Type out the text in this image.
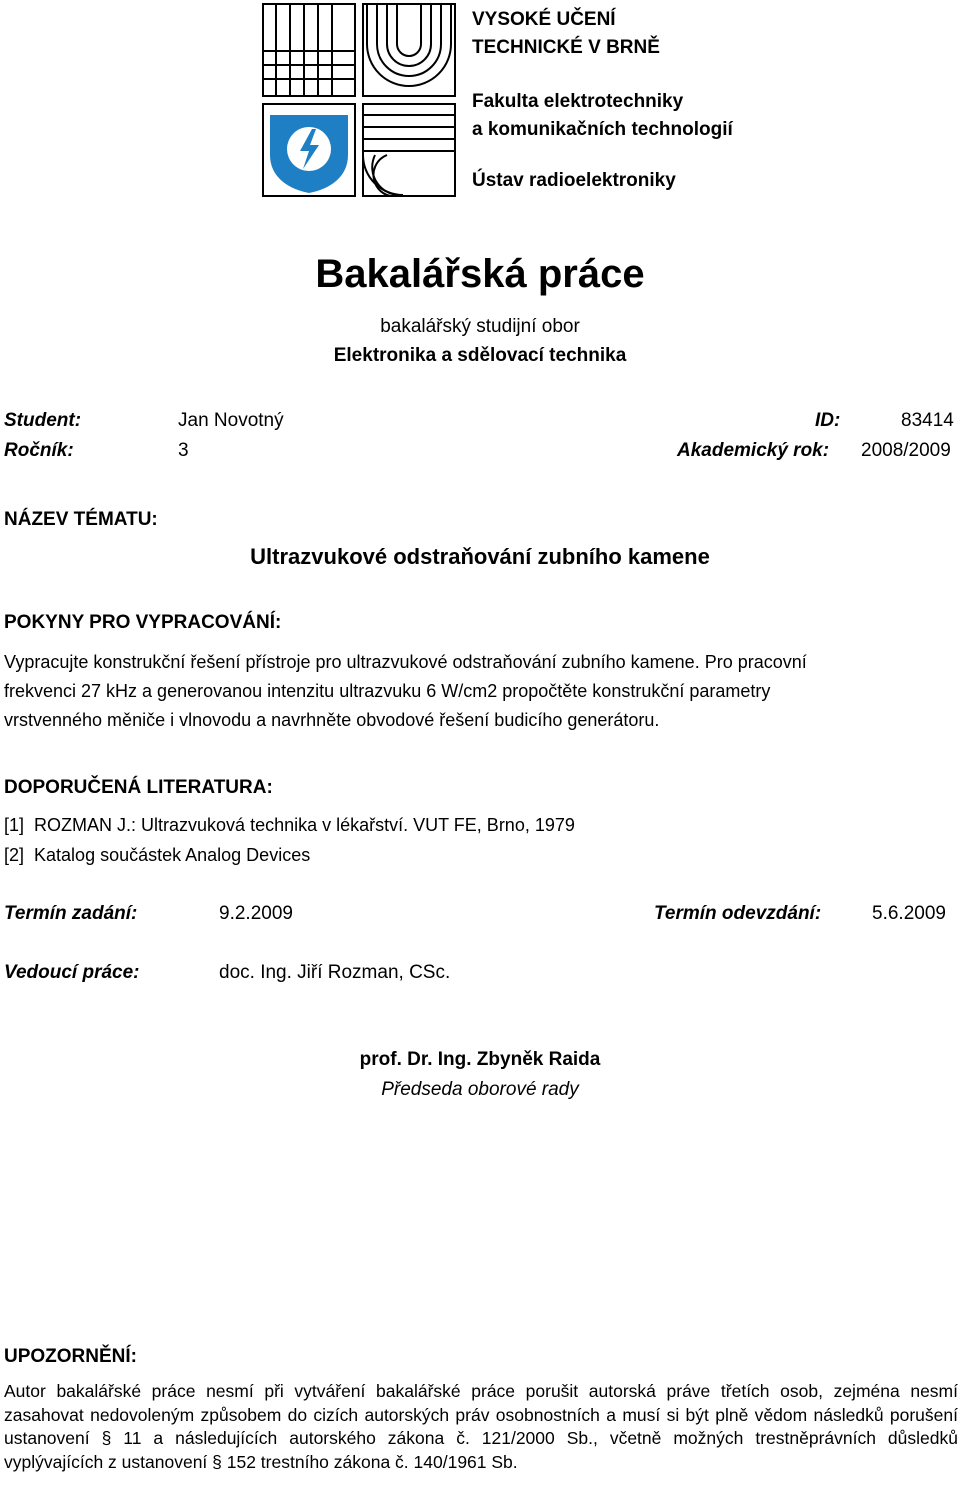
VYSOKÉ UČENÍ
TECHNICKÉ V BRNĚ
Fakulta elektrotechniky
a komunikačních technologií
Ústav radioelektroniky
Bakalářská práce
bakalářský studijní obor
Elektronika a sdělovací technika
Student:	Jan Novotný	ID:	83414
Ročník:	3	Akademický rok: 2008/2009
NÁZEV TÉMATU:
Ultrazvukové odstraňování zubního kamene
POKYNY PRO VYPRACOVÁNÍ:
Vypracujte konstrukční řešení přístroje pro ultrazvukové odstraňování zubního kamene. Pro pracovní
frekvenci 27 kHz a generovanou intenzitu ultrazvuku 6 W/cm2 propočtěte konstrukční parametry
vrstvenného měniče i vlnovodu a navrhněte obvodové řešení budicího generátoru.
DOPORUČENÁ LITERATURA:
[1] ROZMAN J.: Ultrazvuková technika v lékařství. VUT FE, Brno, 1979
[2] Katalog součástek Analog Devices
Termín zadání:	9.2.2009	Termín odevzdání:	5.6.2009
Vedoucí práce:	doc. Ing. Jiří Rozman, CSc.
prof. Dr. Ing. Zbyněk Raida
Předseda oborové rady
UPOZORNĚNÍ:
Autor bakalářské práce nesmí při vytváření bakalářské práce porušit autorská práve třetích osob, zejména nesmí zasahovat nedovoleným způsobem do cizích autorských práv osobnostních a musí si být plně vědom následků porušení ustanovení § 11 a následujících autorského zákona č. 121/2000 Sb., včetně možných trestněprávních důsledků vyplývajících z ustanovení § 152 trestního zákona č. 140/1961 Sb.
